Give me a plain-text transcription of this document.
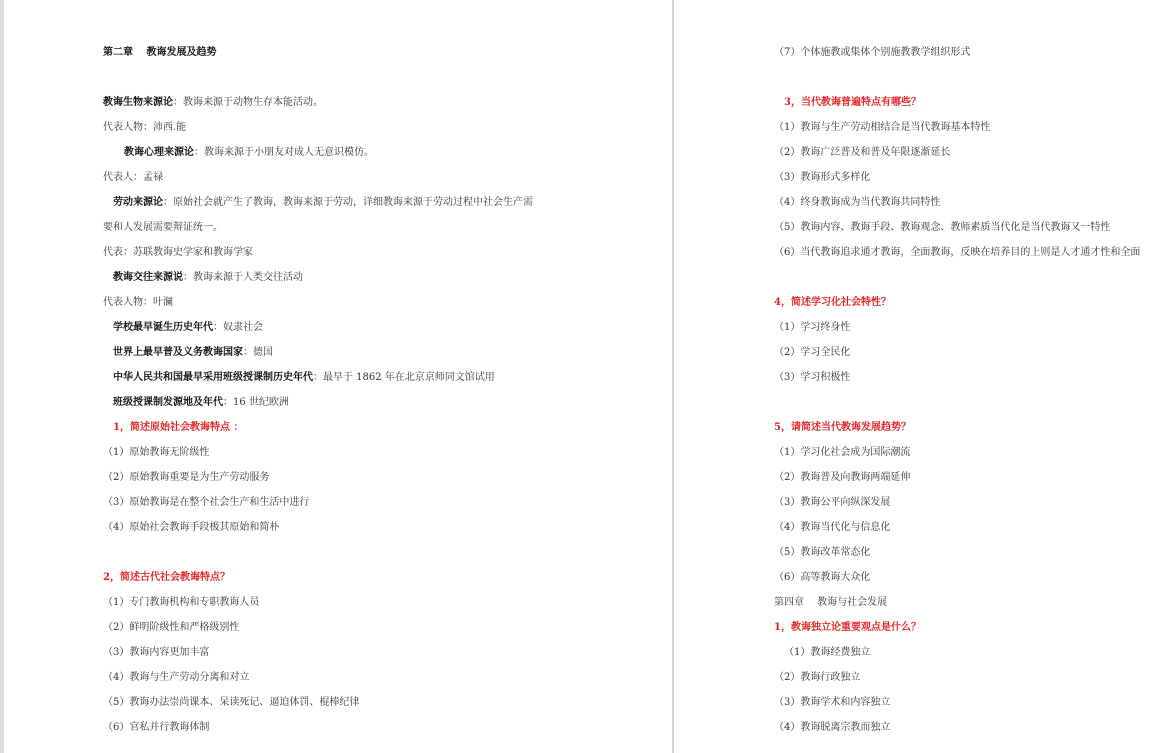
第二章　 教诲发展及趋势
教诲生物来源论：教诲来源于动物生存本能活动。
代表人物：沛西.能
教诲心理来源论：教诲来源于小朋友对成人无意识模仿。
代表人：孟禄
劳动来源论：原始社会就产生了教诲，教诲来源于劳动，详细教诲来源于劳动过程中社会生产需
要和人发展需要辩证统一。
代表：苏联教诲史学家和教诲学家
教诲交往来源说：教诲来源于人类交往活动
代表人物：叶澜
学校最早诞生历史年代：奴隶社会
世界上最早普及义务教诲国家：德国
中华人民共和国最早采用班级授课制历史年代：最早于 1862 年在北京京师同文馆试用
班级授课制发源地及年代：16 世纪欧洲
1，简述原始社会教诲特点 ：
（1）原始教诲无阶级性
（2）原始教诲重要是为生产劳动服务
（3）原始教诲是在整个社会生产和生活中进行
（4）原始社会教诲手段极其原始和简朴
2，简述古代社会教诲特点？
（1）专门教诲机构和专职教诲人员
（2）鲜明阶级性和严格级别性
（3）教诲内容更加丰富
（4）教诲与生产劳动分离和对立
（5）教诲办法崇尚课本、呆读死记、逼迫体罚、棍棒纪律
（6）官私并行教诲体制
（7）个体施教或集体个别施教教学组织形式
3，当代教诲普遍特点有哪些？
（1）教诲与生产劳动相结合是当代教诲基本特性
（2）教诲广泛普及和普及年限逐渐延长
（3）教诲形式多样化
（4）终身教诲成为当代教诲共同特性
（5）教诲内容、教诲手段、教诲观念、教师素质当代化是当代教诲又一特性
（6）当代教诲追求通才教诲，全面教诲，反映在培养目的上则是人才通才性和全面
4，简述学习化社会特性？
（1）学习终身性
（2）学习全民化
（3）学习积极性
5，请简述当代教诲发展趋势？
（1）学习化社会成为国际潮流
（2）教诲普及向教诲两端延伸
（3）教诲公平向纵深发展
（4）教诲当代化与信息化
（5）教诲改革常态化
（6）高等教诲大众化
第四章　 教诲与社会发展
1，教诲独立论重要观点是什么？
（1）教诲经费独立
（2）教诲行政独立
（3）教诲学术和内容独立
（4）教诲脱离宗教而独立
